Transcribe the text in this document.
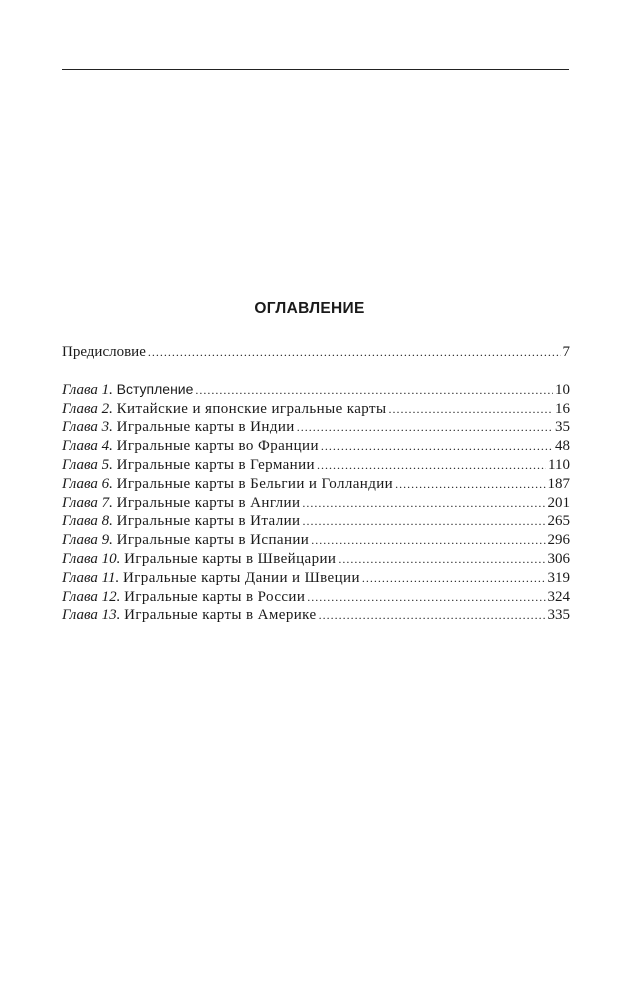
ОГЛАВЛЕНИЕ
Предисловие .....	7
Глава 1. Вступление .....	10
Глава 2. Китайские и японские игральные карты .....	16
Глава 3. Игральные карты в Индии .....	35
Глава 4. Игральные карты во Франции .....	48
Глава 5. Игральные карты в Германии .....	110
Глава 6. Игральные карты в Бельгии и Голландии .....	187
Глава 7. Игральные карты в Англии .....	201
Глава 8. Игральные карты в Италии .....	265
Глава 9. Игральные карты в Испании .....	296
Глава 10. Игральные карты в Швейцарии .....	306
Глава 11. Игральные карты Дании и Швеции .....	319
Глава 12. Игральные карты в России .....	324
Глава 13. Игральные карты в Америке .....	335
